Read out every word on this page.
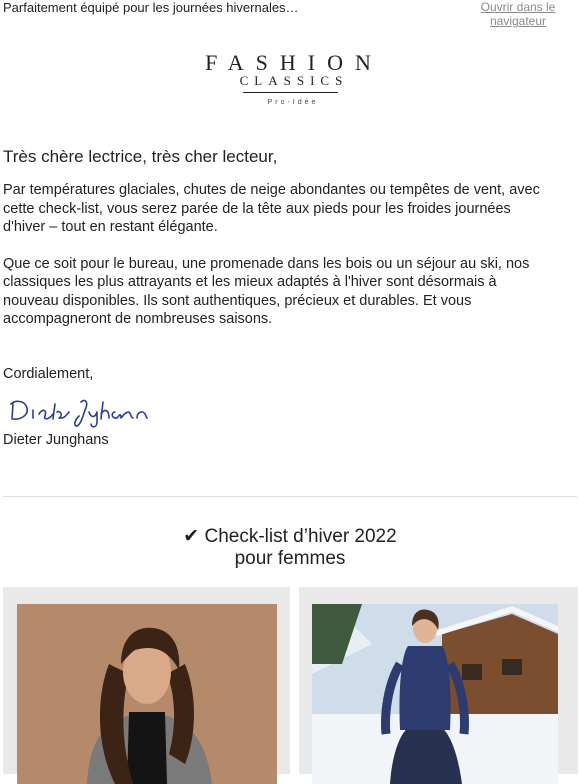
Parfaitement équipé pour les journées hivernales…	Ouvrir dans le navigateur
FASHION
CLASSICS
Pro-Idée

Très chère lectrice, très cher lecteur,

Par températures glaciales, chutes de neige abondantes ou tempêtes de vent, avec cette check-list, vous serez parée de la tête aux pieds pour les froides journées d'hiver – tout en restant élégante.

Que ce soit pour le bureau, une promenade dans les bois ou un séjour au ski, nos classiques les plus attrayants et les mieux adaptés à l'hiver sont désormais à nouveau disponibles. Ils sont authentiques, précieux et durables. Et vous accompagneront de nombreuses saisons.

Cordialement,
Dieter Junghans
✔ Check-list d’hiver 2022
pour femmes
